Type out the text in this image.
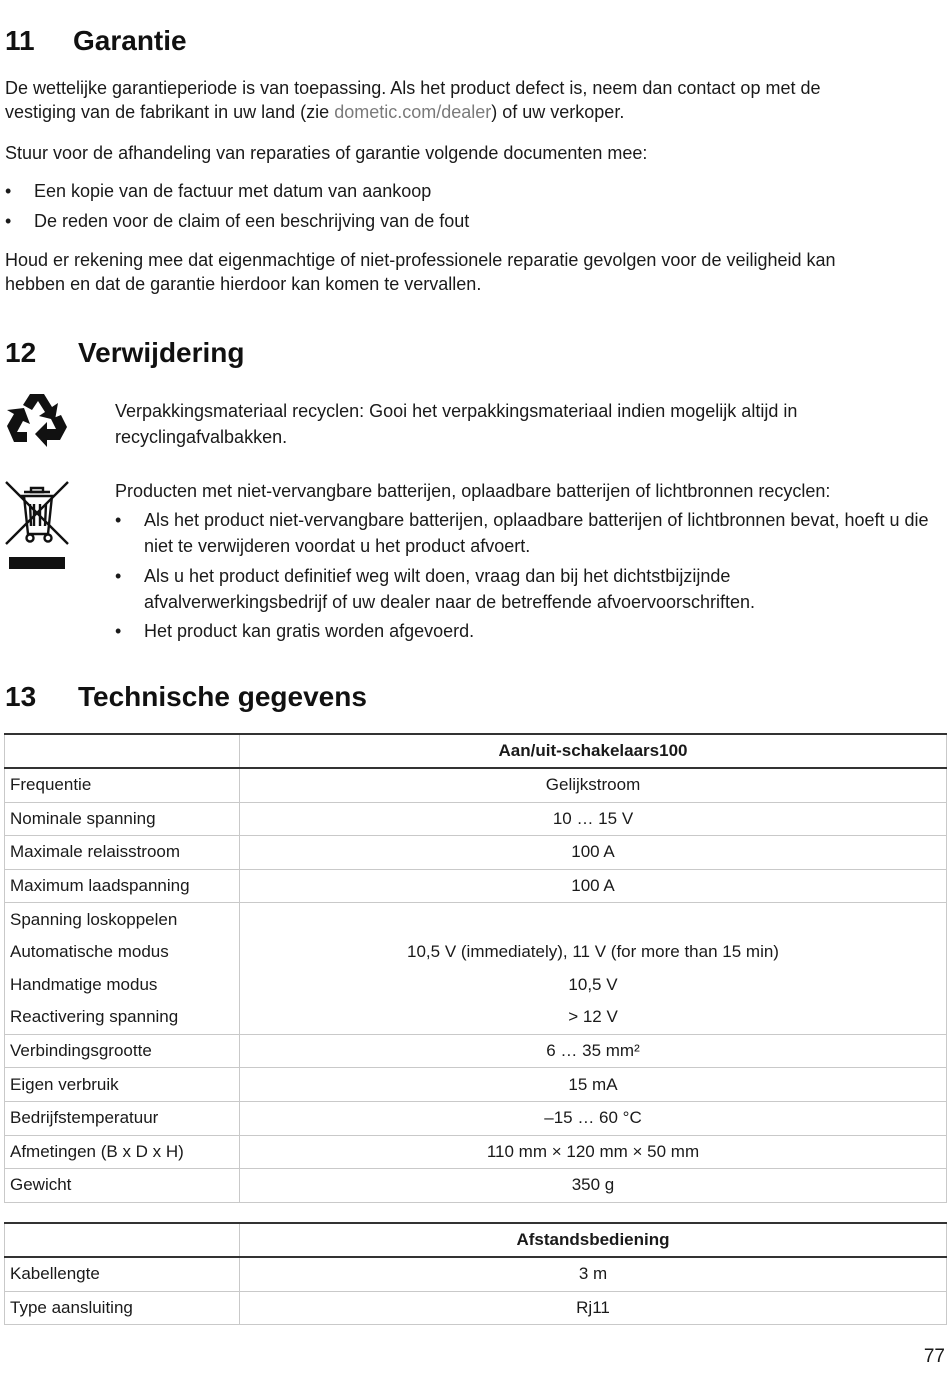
11 Garantie

De wettelijke garantieperiode is van toepassing. Als het product defect is, neem dan contact op met de vestiging van de fabrikant in uw land (zie dometic.com/dealer) of uw verkoper.

Stuur voor de afhandeling van reparaties of garantie volgende documenten mee:

• Een kopie van de factuur met datum van aankoop
• De reden voor de claim of een beschrijving van de fout

Houd er rekening mee dat eigenmachtige of niet-professionele reparatie gevolgen voor de veiligheid kan hebben en dat de garantie hierdoor kan komen te vervallen.

12 Verwijdering

Verpakkingsmateriaal recyclen: Gooi het verpakkingsmateriaal indien mogelijk altijd in recyclingafvalbakken.

Producten met niet-vervangbare batterijen, oplaadbare batterijen of lichtbronnen recyclen:

• Als het product niet-vervangbare batterijen, oplaadbare batterijen of lichtbronnen bevat, hoeft u die niet te verwijderen voordat u het product afvoert.
• Als u het product definitief weg wilt doen, vraag dan bij het dichtstbijzijnde afvalverwerkingsbedrijf of uw dealer naar de betreffende afvoervoorschriften.
• Het product kan gratis worden afgevoerd.
13 Technische gegevens
	Aan/uit-schakelaars100
Frequentie	Gelijkstroom
Nominale spanning	10 … 15 V
Maximale relaisstroom	100 A
Maximum laadspanning	100 A
Spanning loskoppelen	
Automatische modus	10,5 V (immediately), 11 V (for more than 15 min)
Handmatige modus	10,5 V
Reactivering spanning	> 12 V
Verbindingsgrootte	6 … 35 mm²
Eigen verbruik	15 mA
Bedrijfstemperatuur	–15 … 60 °C
Afmetingen (B x D x H)	110 mm × 120 mm × 50 mm
Gewicht	350 g
	Afstandsbediening
Kabellengte	3 m
Type aansluiting	Rj11
77
